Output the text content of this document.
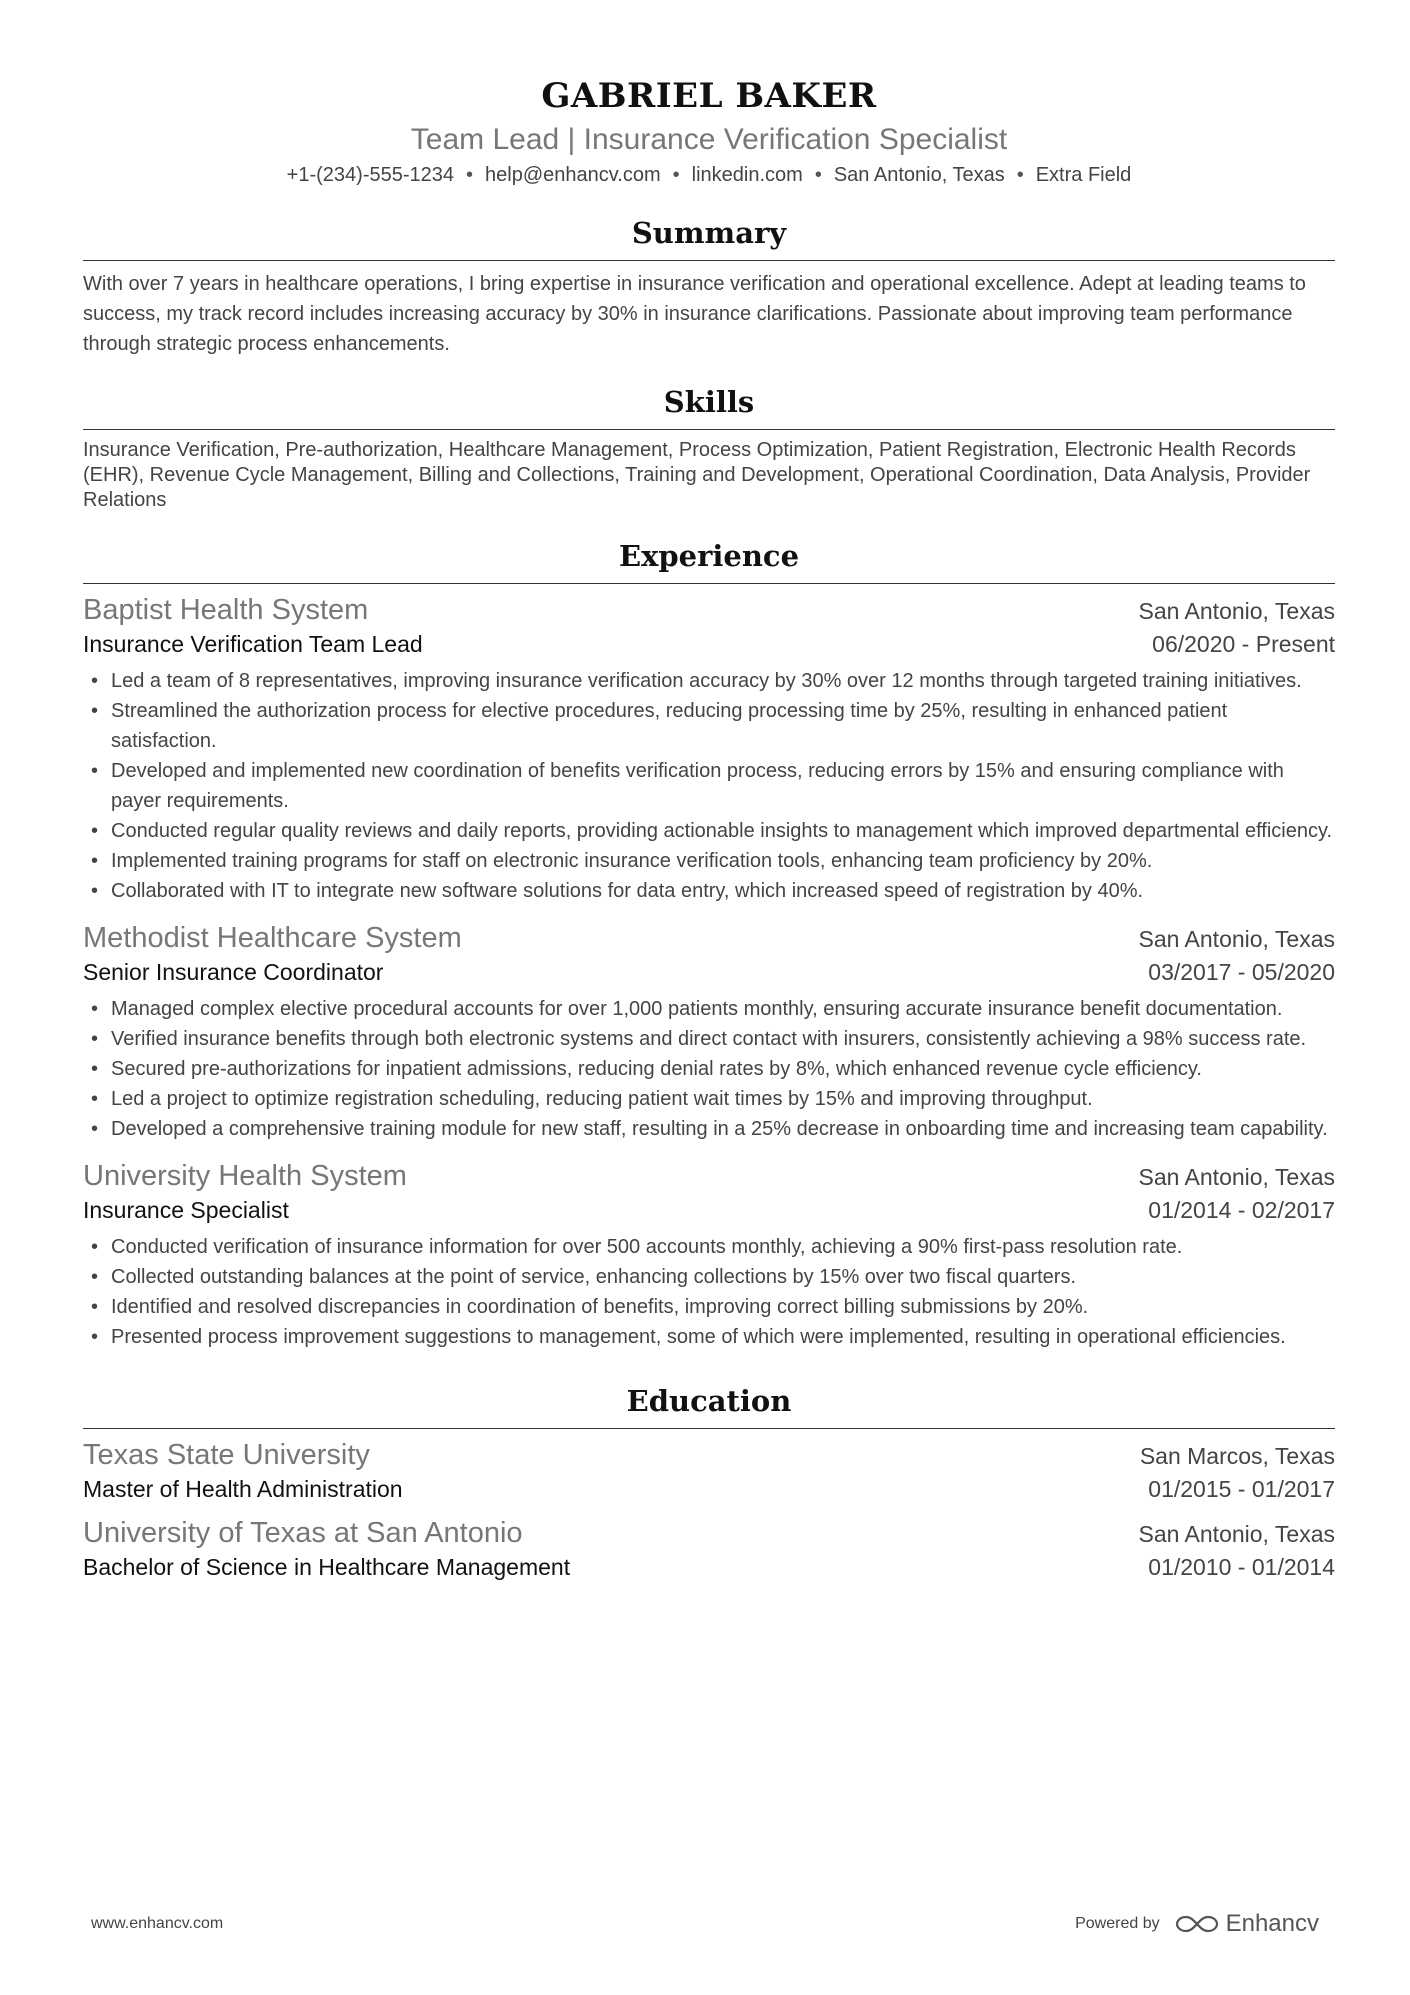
GABRIEL BAKER
Team Lead | Insurance Verification Specialist
+1-(234)-555-1234 • help@enhancv.com • linkedin.com • San Antonio, Texas • Extra Field
Summary
With over 7 years in healthcare operations, I bring expertise in insurance verification and operational excellence. Adept at leading teams to success, my track record includes increasing accuracy by 30% in insurance clarifications. Passionate about improving team performance through strategic process enhancements.
Skills
Insurance Verification, Pre-authorization, Healthcare Management, Process Optimization, Patient Registration, Electronic Health Records (EHR), Revenue Cycle Management, Billing and Collections, Training and Development, Operational Coordination, Data Analysis, Provider Relations
Experience
Baptist Health System	San Antonio, Texas
Insurance Verification Team Lead	06/2020 - Present
• Led a team of 8 representatives, improving insurance verification accuracy by 30% over 12 months through targeted training initiatives.
• Streamlined the authorization process for elective procedures, reducing processing time by 25%, resulting in enhanced patient satisfaction.
• Developed and implemented new coordination of benefits verification process, reducing errors by 15% and ensuring compliance with payer requirements.
• Conducted regular quality reviews and daily reports, providing actionable insights to management which improved departmental efficiency.
• Implemented training programs for staff on electronic insurance verification tools, enhancing team proficiency by 20%.
• Collaborated with IT to integrate new software solutions for data entry, which increased speed of registration by 40%.
Methodist Healthcare System	San Antonio, Texas
Senior Insurance Coordinator	03/2017 - 05/2020
• Managed complex elective procedural accounts for over 1,000 patients monthly, ensuring accurate insurance benefit documentation.
• Verified insurance benefits through both electronic systems and direct contact with insurers, consistently achieving a 98% success rate.
• Secured pre-authorizations for inpatient admissions, reducing denial rates by 8%, which enhanced revenue cycle efficiency.
• Led a project to optimize registration scheduling, reducing patient wait times by 15% and improving throughput.
• Developed a comprehensive training module for new staff, resulting in a 25% decrease in onboarding time and increasing team capability.
University Health System	San Antonio, Texas
Insurance Specialist	01/2014 - 02/2017
• Conducted verification of insurance information for over 500 accounts monthly, achieving a 90% first-pass resolution rate.
• Collected outstanding balances at the point of service, enhancing collections by 15% over two fiscal quarters.
• Identified and resolved discrepancies in coordination of benefits, improving correct billing submissions by 20%.
• Presented process improvement suggestions to management, some of which were implemented, resulting in operational efficiencies.
Education
Texas State University	San Marcos, Texas
Master of Health Administration	01/2015 - 01/2017
University of Texas at San Antonio	San Antonio, Texas
Bachelor of Science in Healthcare Management	01/2010 - 01/2014
www.enhancv.com	Powered by	Enhancv
